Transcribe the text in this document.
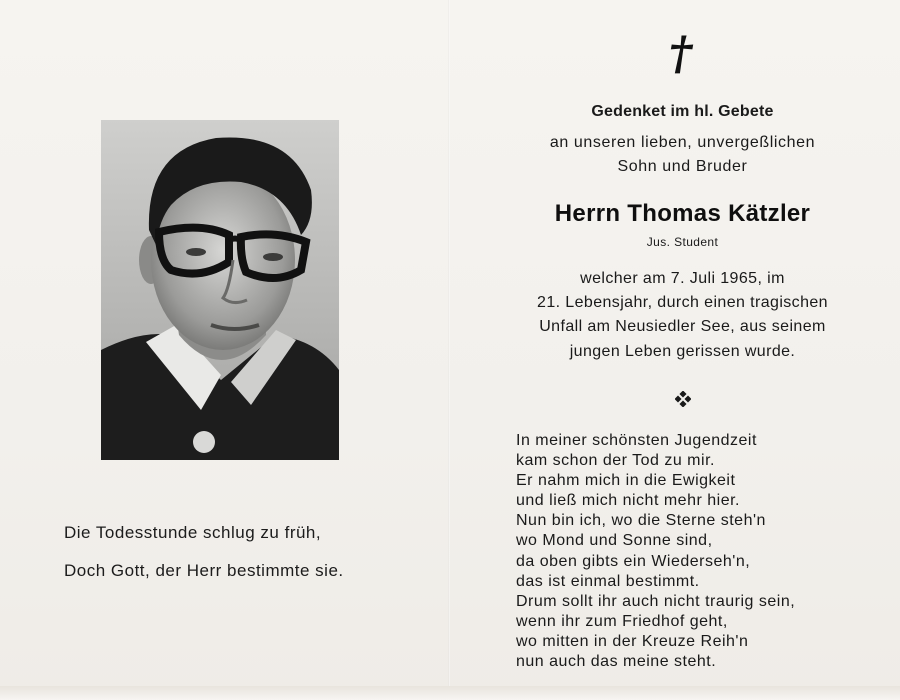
Die Todesstunde schlug zu früh,
Doch Gott, der Herr bestimmte sie.
†
Gedenket im hl. Gebete
an unseren lieben, unvergeßlichen
Sohn und Bruder
Herrn Thomas Kätzler
Jus. Student
welcher am 7. Juli 1965, im
21. Lebensjahr, durch einen tragischen
Unfall am Neusiedler See, aus seinem
jungen Leben gerissen wurde.
In meiner schönsten Jugendzeit
kam schon der Tod zu mir.
Er nahm mich in die Ewigkeit
und ließ mich nicht mehr hier.
Nun bin ich, wo die Sterne steh'n
wo Mond und Sonne sind,
da oben gibts ein Wiederseh'n,
das ist einmal bestimmt.
Drum sollt ihr auch nicht traurig sein,
wenn ihr zum Friedhof geht,
wo mitten in der Kreuze Reih'n
nun auch das meine steht.
